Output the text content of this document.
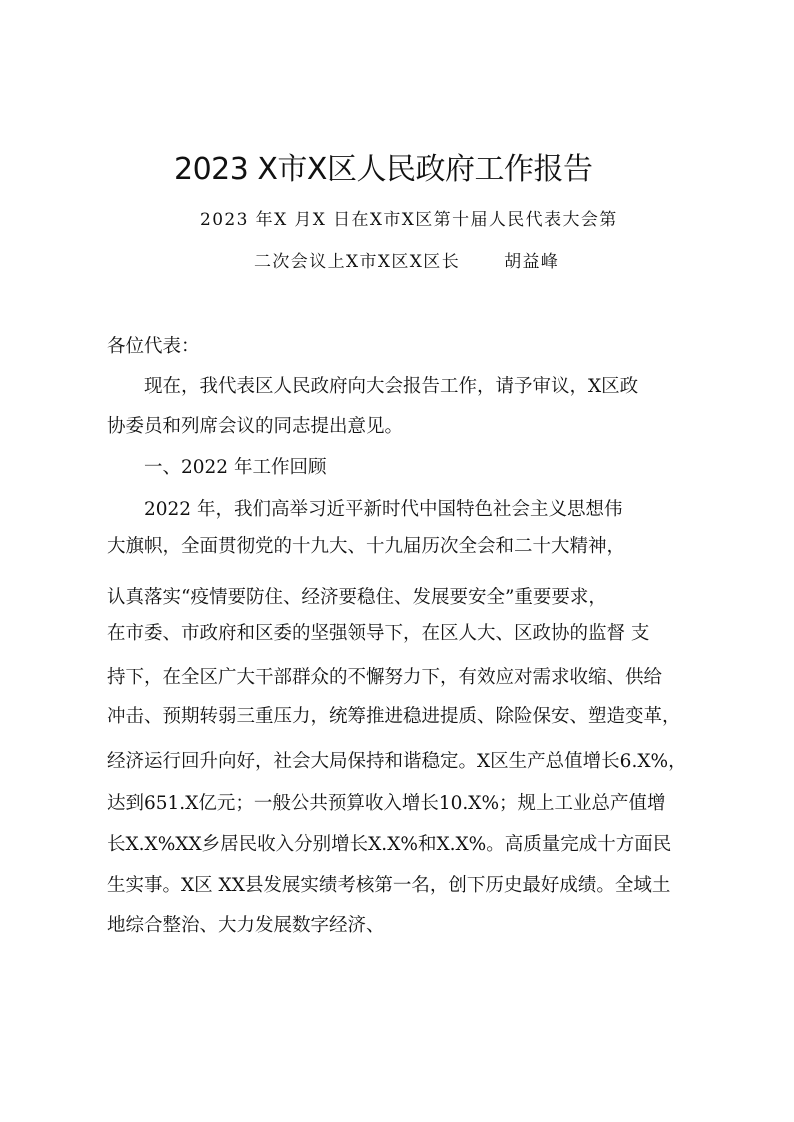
2023 X市X区人民政府工作报告
2023 年X 月X 日在X市X区第十届人民代表大会第
二次会议上X市X区X区长	胡益峰
各位代表：
　　现在，我代表区人民政府向大会报告工作，请予审议，X区政
协委员和列席会议的同志提出意见。
　　一、2022 年工作回顾
　　2022 年，我们高举习近平新时代中国特色社会主义思想伟
大旗帜，全面贯彻党的十九大、十九届历次全会和二十大精神，
认真落实“疫情要防住、经济要稳住、发展要安全”重要要求，
在市委、市政府和区委的坚强领导下，在区人大、区政协的监督 支
持下，在全区广大干部群众的不懈努力下，有效应对需求收缩、供给
冲击、预期转弱三重压力，统筹推进稳进提质、除险保安、塑造变革，
经济运行回升向好，社会大局保持和谐稳定。X区生产总值增长6.X%，
达到651.X亿元；一般公共预算收入增长10.X%；规上工业总产值增
长X.X%XX乡居民收入分别增长X.X%和X.X%。高质量完成十方面民
生实事。X区 XX县发展实绩考核第一名，创下历史最好成绩。全域土
地综合整治、大力发展数字经济、
